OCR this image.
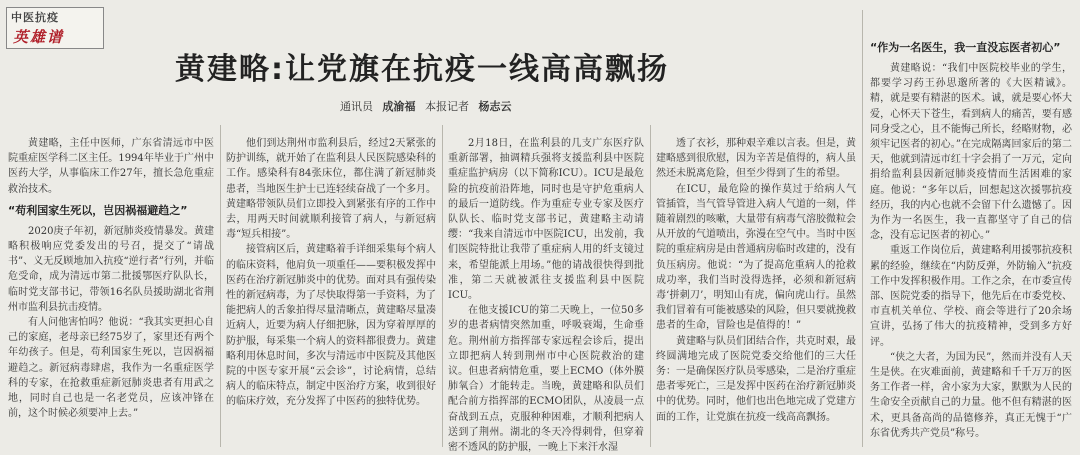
中医抗疫
英雄谱
黄建略:让党旗在抗疫一线高高飘扬
通讯员 成渝福 本报记者 杨志云

黄建略，主任中医师，广东省清远市中医院重症医学科二区主任。1994年毕业于广州中医药大学，从事临床工作27年，擅长急危重症救治技术。

“苟利国家生死以，岂因祸福避趋之”

2020庚子年初，新冠肺炎疫情暴发。黄建略积极响应党委发出的号召，提交了“请战书”、义无反顾地加入抗疫“逆行者”行列，并临危受命，成为清远市第二批援鄂医疗队队长，临时党支部书记，带领16名队员援助湖北省荆州市监利县抗击疫情。

有人问他害怕吗？他说：“我其实更担心自己的家庭，老母亲已经75岁了，家里还有两个年幼孩子。但是，苟利国家生死以，岂因祸福避趋之。新冠病毒肆虐，我作为一名重症医学科的专家，在抢救重症新冠肺炎患者有用武之地，同时自己也是一名老党员，应该冲锋在前，这个时候必须要冲上去。”

他们到达荆州市监利县后，经过2天紧张的防护训练，就开始了在监利县人民医院感染科的工作。感染科有84张床位，都住满了新冠肺炎患者，当地医生护士已连轻续奋战了一个多月。黄建略带领队员们立即投入到紧张有序的工作中去，用两天时间就顺利接管了病人，与新冠病毒“短兵相接”。

接管病区后，黄建略着手详细采集每个病人的临床资料，他肩负一项重任——要积极发挥中医药在治疗新冠肺炎中的优势。面对具有强传染性的新冠病毒，为了尽快取得第一手资料，为了能把病人的舌象拍得尽量清晰点，黄建略尽量凑近病人，近要为病人仔细把脉，因为穿着厚厚的防护服，每采集一个病人的资料都很费力。黄建略利用休息时间，多次与清远市中医院及其他医院的中医专家开展“云会诊”，讨论病情，总结病人的临床特点，制定中医治疗方案，收到很好的临床疗效，充分发挥了中医药的独特优势。

2月18日，在监利县的几支广东医疗队重新部署，抽调精兵强将支援监利县中医院重症监护病房（以下简称ICU）。ICU是最危险的抗疫前沿阵地，同时也是守护危重病人的最后一道防线。作为重症专业专家及医疗队队长、临时党支部书记，黄建略主动请缨：“我来自清远市中医院ICU，出发前，我们医院特批让我带了重症病人用的纤支镜过来，希望能派上用场。”他的请战很快得到批准，第二天就被派往支援监利县中医院ICU。

在他支援ICU的第二天晚上，一位50多岁的患者病情突然加重，呼吸衰竭，生命垂危。荆州前方指挥部专家远程会诊后，提出立即把病人转到荆州市中心医院救治的建议。但患者病情危重，要上ECMO（体外膜肺氧合）才能转走。当晚，黄建略和队员们配合前方指挥部的ECMO团队，从凌晨一点奋战到五点，克服种种困难，才顺利把病人送到了荆州。湖北的冬天冷得刺骨，但穿着密不透风的防护服，一晚上下来汗水湿

透了衣衫，那种艰辛难以言表。但是，黄建略感到很欣慰，因为辛苦是值得的，病人虽然还未脱离危险，但至少得到了生的希望。

在ICU，最危险的操作莫过于给病人气管插管，当气管导管进入病人气道的一刻，伴随着剧烈的咳嗽，大量带有病毒气溶胶微粒会从开放的气道喷出，弥漫在空气中。当时中医院的重症病房是由普通病房临时改建的，没有负压病房。他说：“为了提高危重病人的抢救成功率，我们当时没得选择，必须和新冠病毒‘拼刺刀’，明知山有虎，偏向虎山行。虽然我们冒着有可能被感染的风险，但只要就挽救患者的生命，冒险也是值得的！”

黄建略与队员们团结合作，共克时艰，最终圆满地完成了医院党委交给他们的三大任务：一是确保医疗队员零感染，二是治疗重症患者零死亡，三是发挥中医药在治疗新冠肺炎中的优势。同时，他们也出色地完成了党建方面的工作，让党旗在抗疫一线高高飘扬。

“作为一名医生，我一直没忘医者初心”

黄建略说：“我们中医院校毕业的学生，都要学习药王孙思邈所著的《大医精诚》。精，就是要有精湛的医术。诚，就是要心怀大爱，心怀天下苍生，看到病人的痛苦，要有感同身受之心，且不能悔己所长，经略财物，必须牢记医者的初心。”在完成隔离回家后的第二天，他就到清远市红十字会捐了一万元，定向捐给监利县因新冠肺炎疫情而生活困难的家庭。他说：“多年以后，回想起这次援鄂抗疫经历，我的内心也就不会留下什么遗憾了。因为作为一名医生，我一直都坚守了自己的信念，没有忘记医者的初心。”

重返工作岗位后，黄建略利用援鄂抗疫积累的经验，继续在“内防反弹，外防输入”抗疫工作中发挥积极作用。工作之余，在市委宣传部、医院党委的指导下，他先后在市委党校、市直机关单位、学校、商会等进行了20余场宣讲，弘扬了伟大的抗疫精神，受到多方好评。

“侠之大者，为国为民”，然而并没有人天生是侠。在灾难面前，黄建略和千千万万的医务工作者一样，舍小家为大家，默默为人民的生命安全贡献自己的力量。他不但有精湛的医术，更具备高尚的品德修养，真正无愧于“广东省优秀共产党员”称号。
